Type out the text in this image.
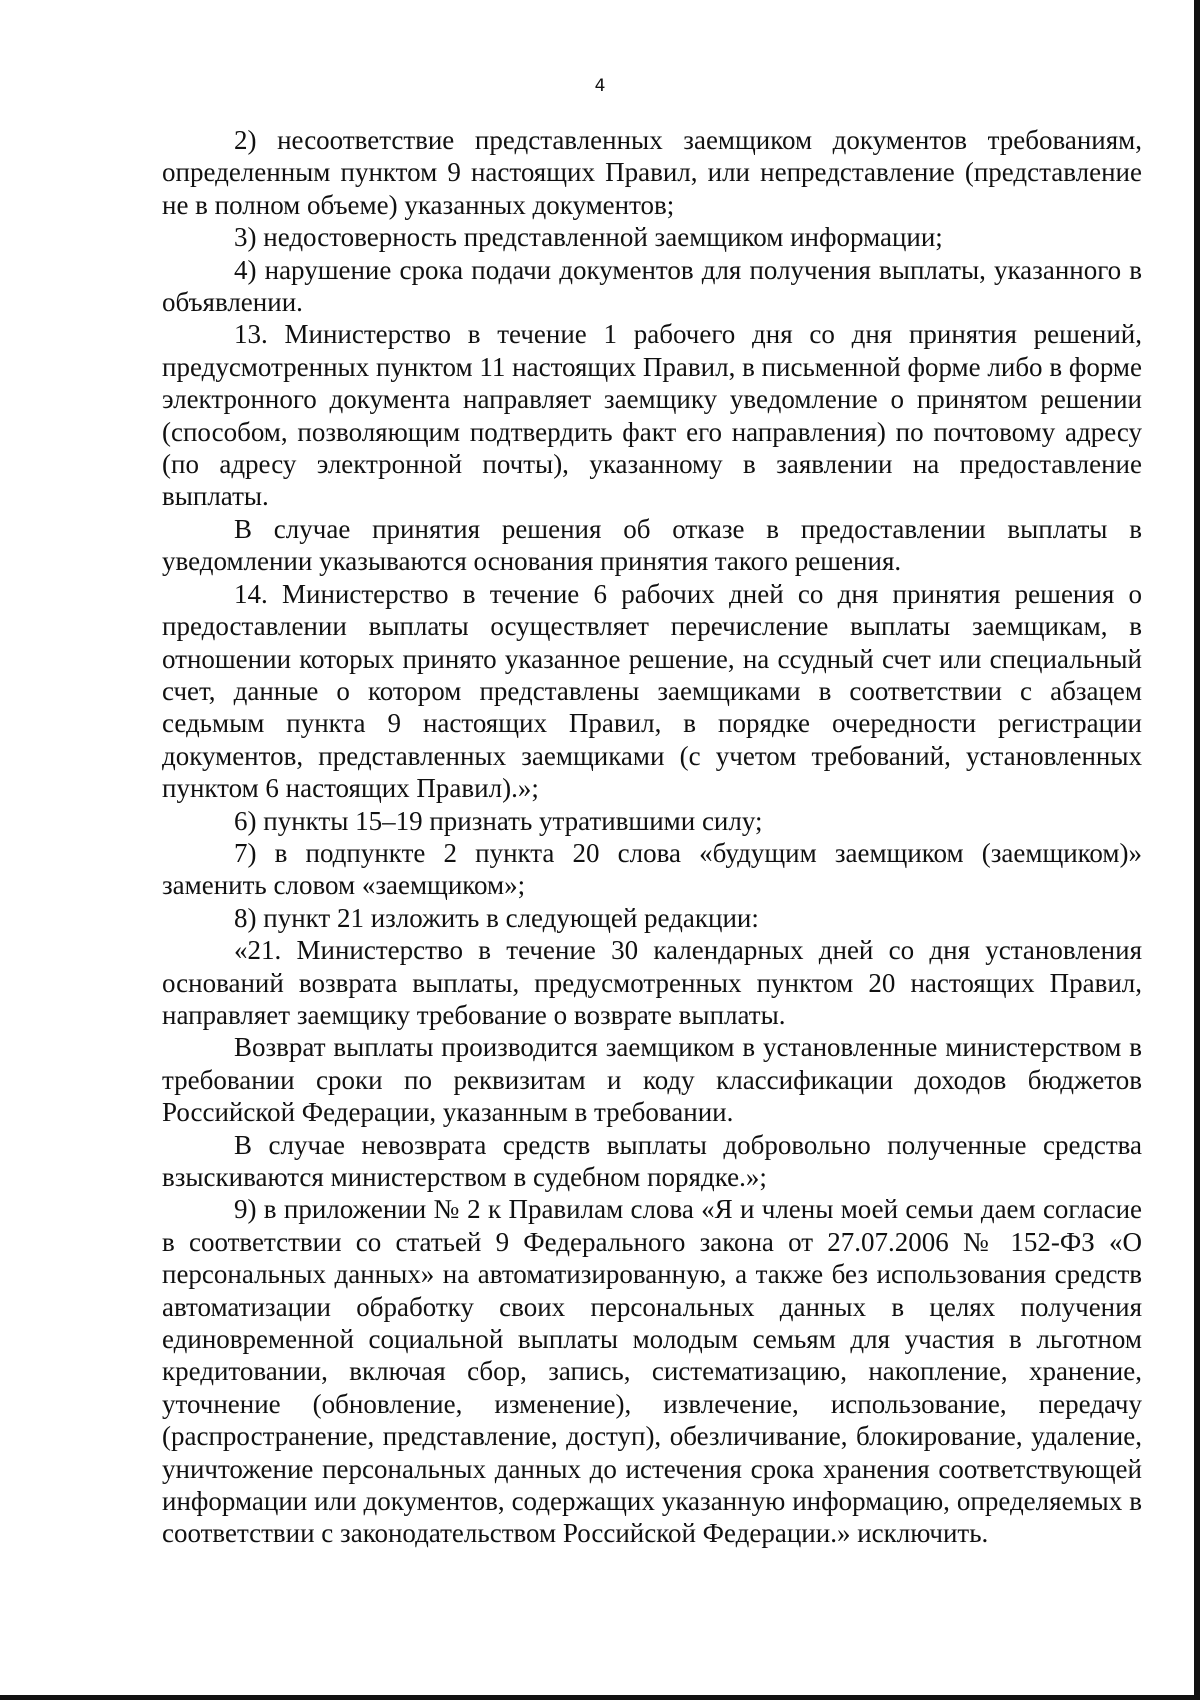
4

2) несоответствие представленных заемщиком документов требованиям, определенным пунктом 9 настоящих Правил, или непредставление (представление не в полном объеме) указанных документов;

3) недостоверность представленной заемщиком информации;

4) нарушение срока подачи документов для получения выплаты, указанного в объявлении.

13. Министерство в течение 1 рабочего дня со дня принятия решений, предусмотренных пунктом 11 настоящих Правил, в письменной форме либо в форме электронного документа направляет заемщику уведомление о принятом решении (способом, позволяющим подтвердить факт его направления) по почтовому адресу (по адресу электронной почты), указанному в заявлении на предоставление выплаты.

В случае принятия решения об отказе в предоставлении выплаты в уведомлении указываются основания принятия такого решения.

14. Министерство в течение 6 рабочих дней со дня принятия решения о предоставлении выплаты осуществляет перечисление выплаты заемщикам, в отношении которых принято указанное решение, на ссудный счет или специальный счет, данные о котором представлены заемщиками в соответствии с абзацем седьмым пункта 9 настоящих Правил, в порядке очередности регистрации документов, представленных заемщиками (с учетом требований, установленных пунктом 6 настоящих Правил).»;

6) пункты 15–19 признать утратившими силу;

7) в подпункте 2 пункта 20 слова «будущим заемщиком (заемщиком)» заменить словом «заемщиком»;

8) пункт 21 изложить в следующей редакции:

«21. Министерство в течение 30 календарных дней со дня установления оснований возврата выплаты, предусмотренных пунктом 20 настоящих Правил, направляет заемщику требование о возврате выплаты.

Возврат выплаты производится заемщиком в установленные министерством в требовании сроки по реквизитам и коду классификации доходов бюджетов Российской Федерации, указанным в требовании.

В случае невозврата средств выплаты добровольно полученные средства взыскиваются министерством в судебном порядке.»;

9) в приложении № 2 к Правилам слова «Я и члены моей семьи даем согласие в соответствии со статьей 9 Федерального закона от 27.07.2006 № 152-ФЗ «О персональных данных» на автоматизированную, а также без использования средств автоматизации обработку своих персональных данных в целях получения единовременной социальной выплаты молодым семьям для участия в льготном кредитовании, включая сбор, запись, систематизацию, накопление, хранение, уточнение (обновление, изменение), извлечение, использование, передачу (распространение, представление, доступ), обезличивание, блокирование, удаление, уничтожение персональных данных до истечения срока хранения соответствующей информации или документов, содержащих указанную информацию, определяемых в соответствии с законодательством Российской Федерации.» исключить.
